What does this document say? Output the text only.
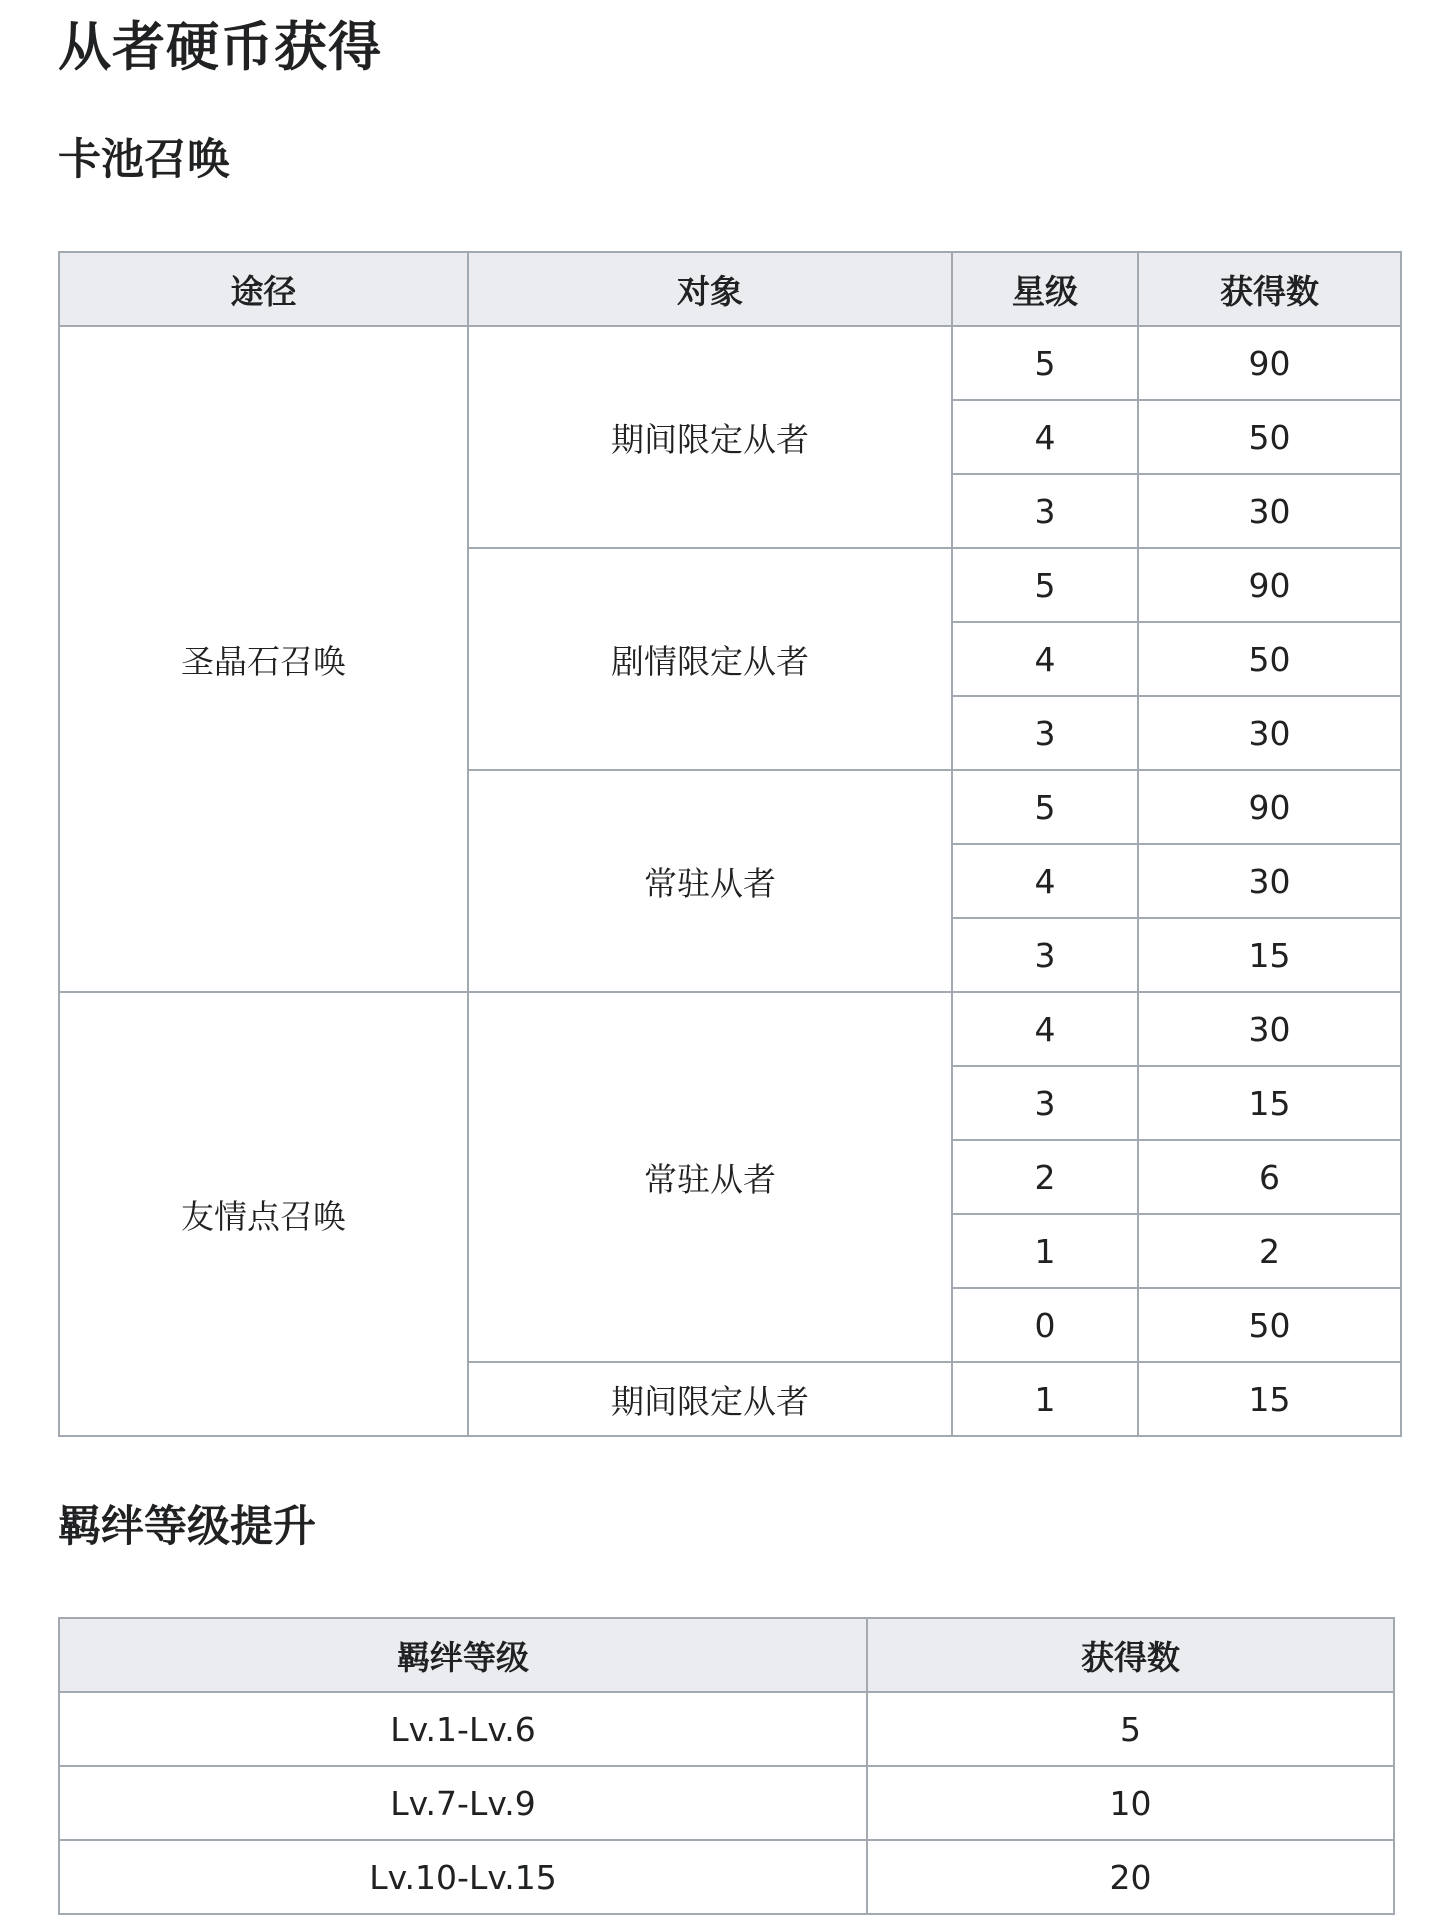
从者硬币获得
卡池召唤
途径	对象	星级	获得数
圣晶石召唤	期间限定从者	5	90
		4	50
		3	30
	剧情限定从者	5	90
		4	50
		3	30
	常驻从者	5	90
		4	30
		3	15
友情点召唤	常驻从者	4	30
		3	15
		2	6
		1	2
		0	50
	期间限定从者	1	15
羁绊等级提升
羁绊等级	获得数
Lv.1-Lv.6	5
Lv.7-Lv.9	10
Lv.10-Lv.15	20
